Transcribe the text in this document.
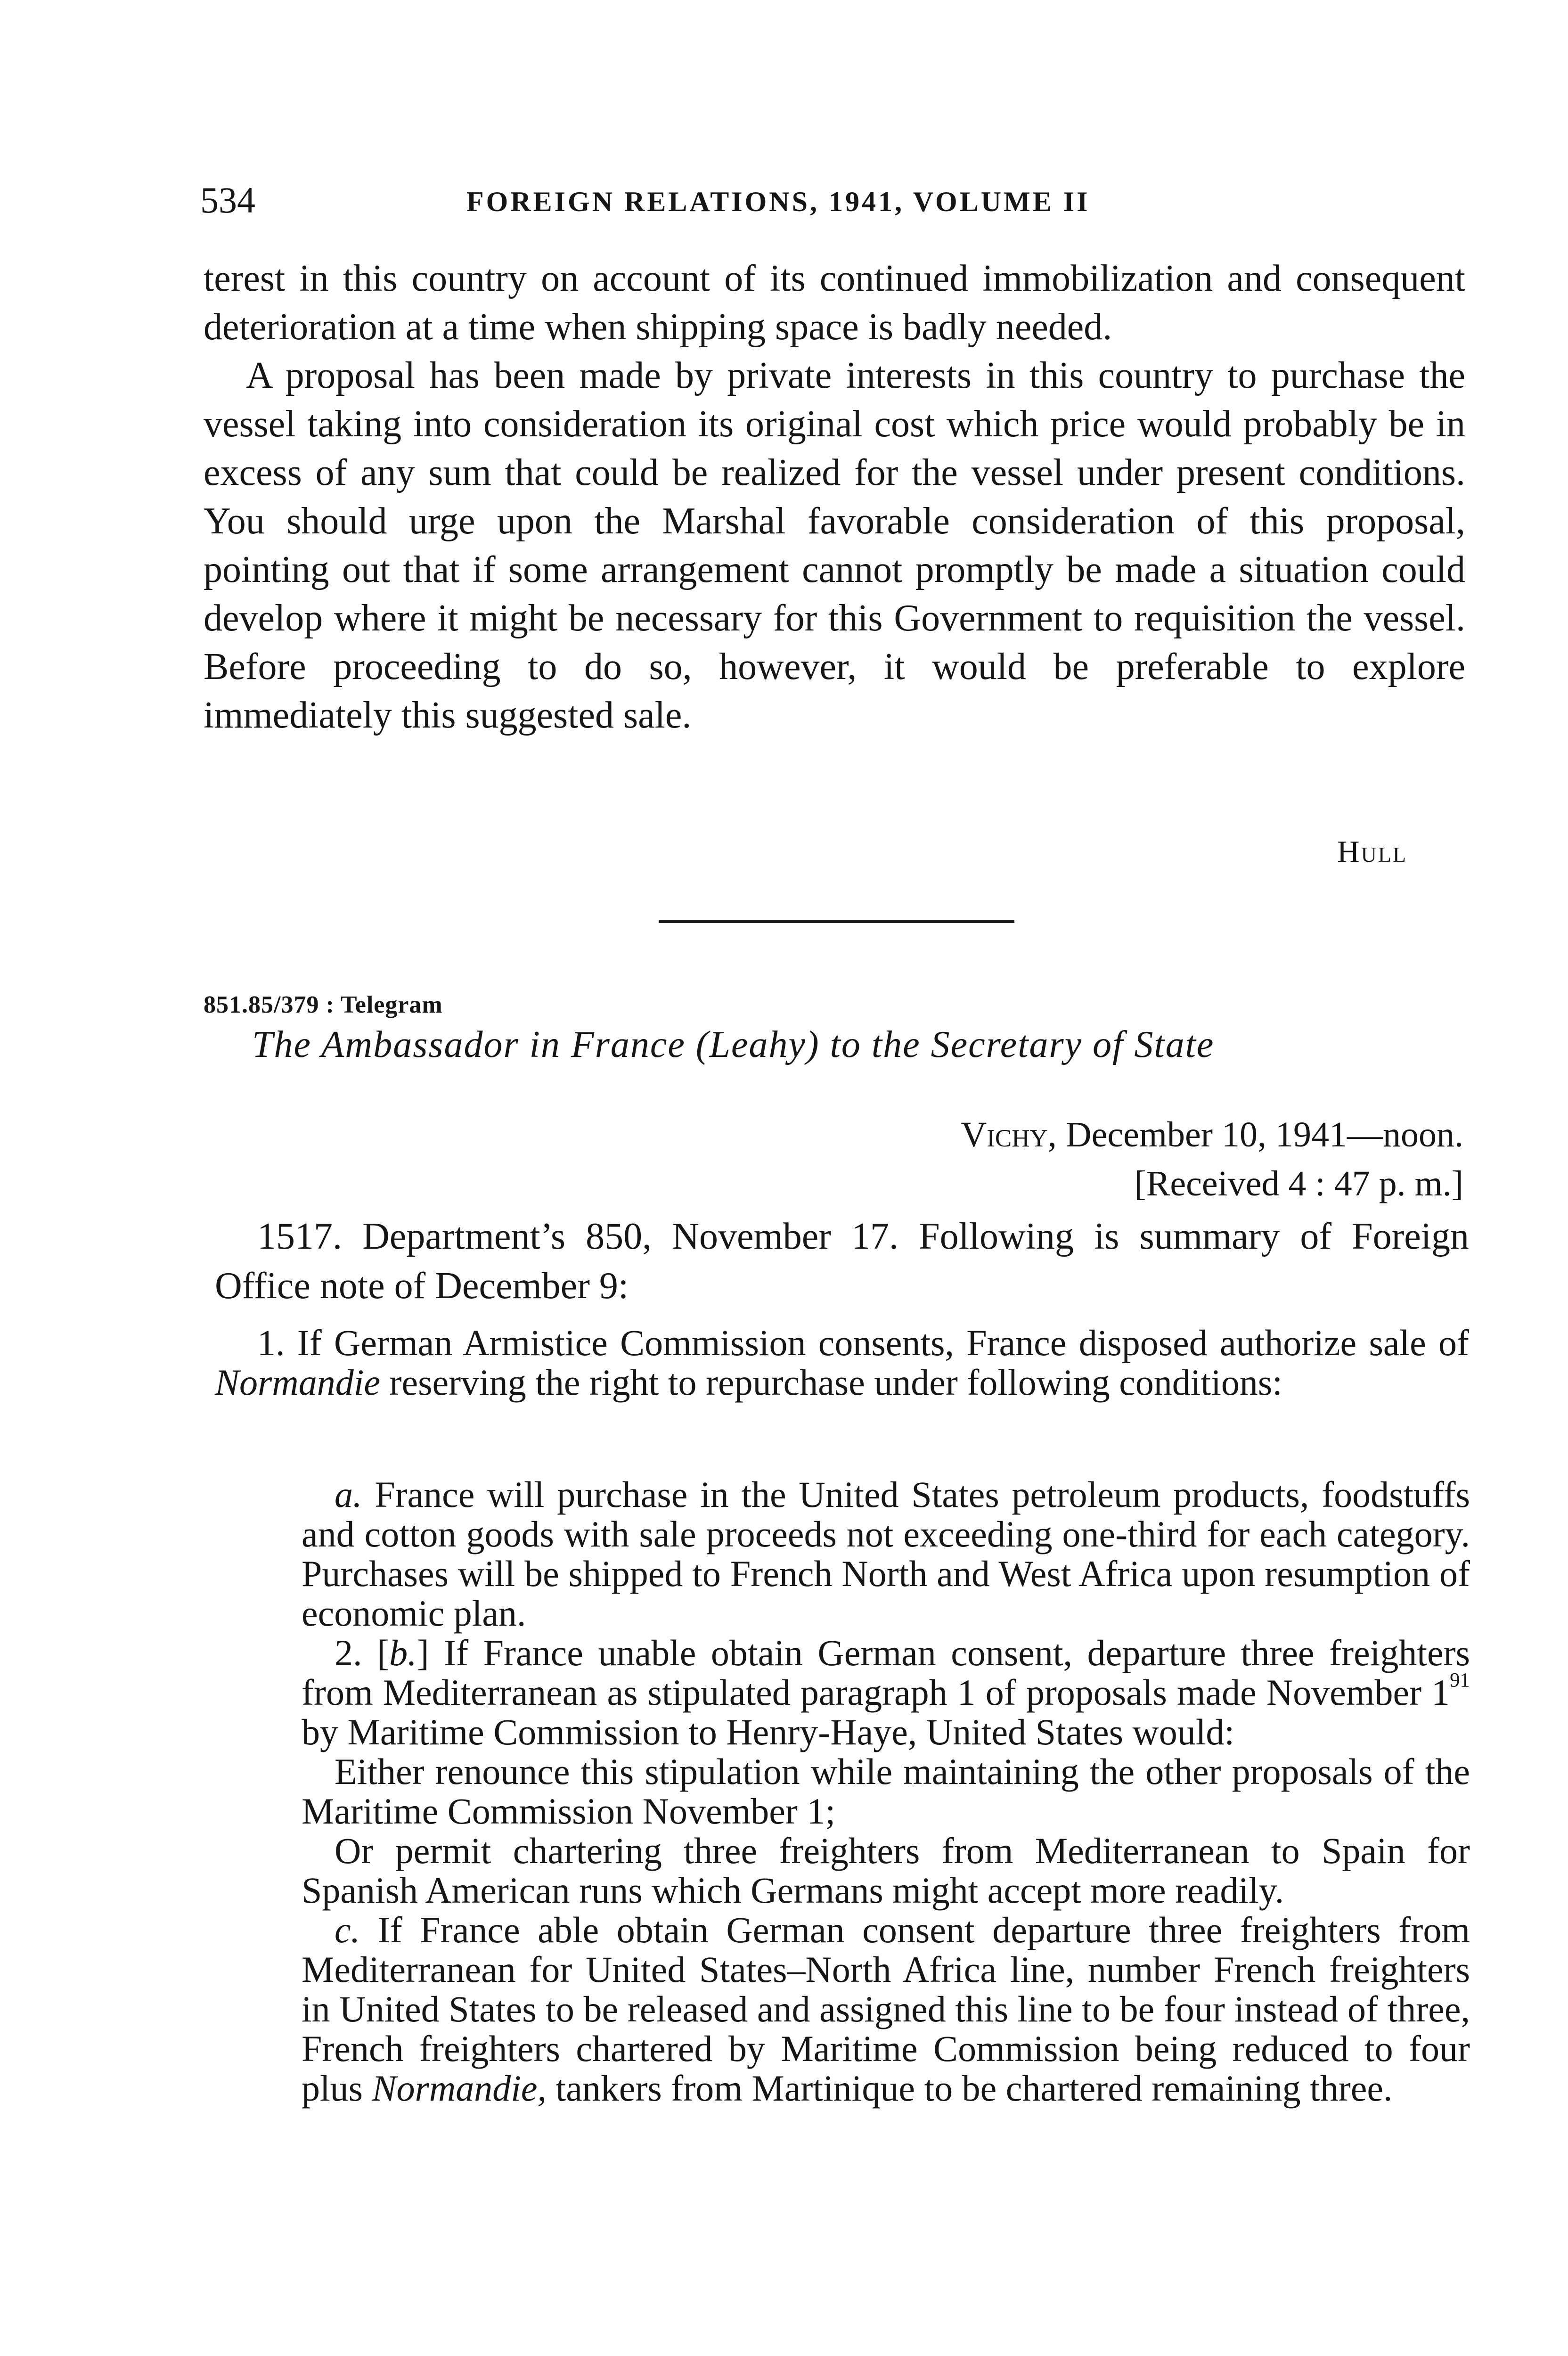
534	FOREIGN RELATIONS, 1941, VOLUME II

terest in this country on account of its continued immobilization and consequent deterioration at a time when shipping space is badly needed.

A proposal has been made by private interests in this country to purchase the vessel taking into consideration its original cost which price would probably be in excess of any sum that could be realized for the vessel under present conditions. You should urge upon the Marshal favorable consideration of this proposal, pointing out that if some arrangement cannot promptly be made a situation could develop where it might be necessary for this Government to requisition the vessel. Before proceeding to do so, however, it would be preferable to explore immediately this suggested sale.

Hull
851.85/379 : Telegram
The Ambassador in France (Leahy) to the Secretary of State
Vichy, December 10, 1941—noon.
[Received 4 : 47 p. m.]

1517. Department’s 850, November 17. Following is summary of Foreign Office note of December 9:

1. If German Armistice Commission consents, France disposed authorize sale of Normandie reserving the right to repurchase under following conditions:

a. France will purchase in the United States petroleum products, foodstuffs and cotton goods with sale proceeds not exceeding one-third for each category. Purchases will be shipped to French North and West Africa upon resumption of economic plan.

2. [b.] If France unable obtain German consent, departure three freighters from Mediterranean as stipulated paragraph 1 of proposals made November 1$^{91}$ by Maritime Commission to Henry-Haye, United States would:

Either renounce this stipulation while maintaining the other proposals of the Maritime Commission November 1;

Or permit chartering three freighters from Mediterranean to Spain for Spanish American runs which Germans might accept more readily.

c. If France able obtain German consent departure three freighters from Mediterranean for United States–North Africa line, number French freighters in United States to be released and assigned this line to be four instead of three, French freighters chartered by Maritime Commission being reduced to four plus Normandie, tankers from Martinique to be chartered remaining three.
